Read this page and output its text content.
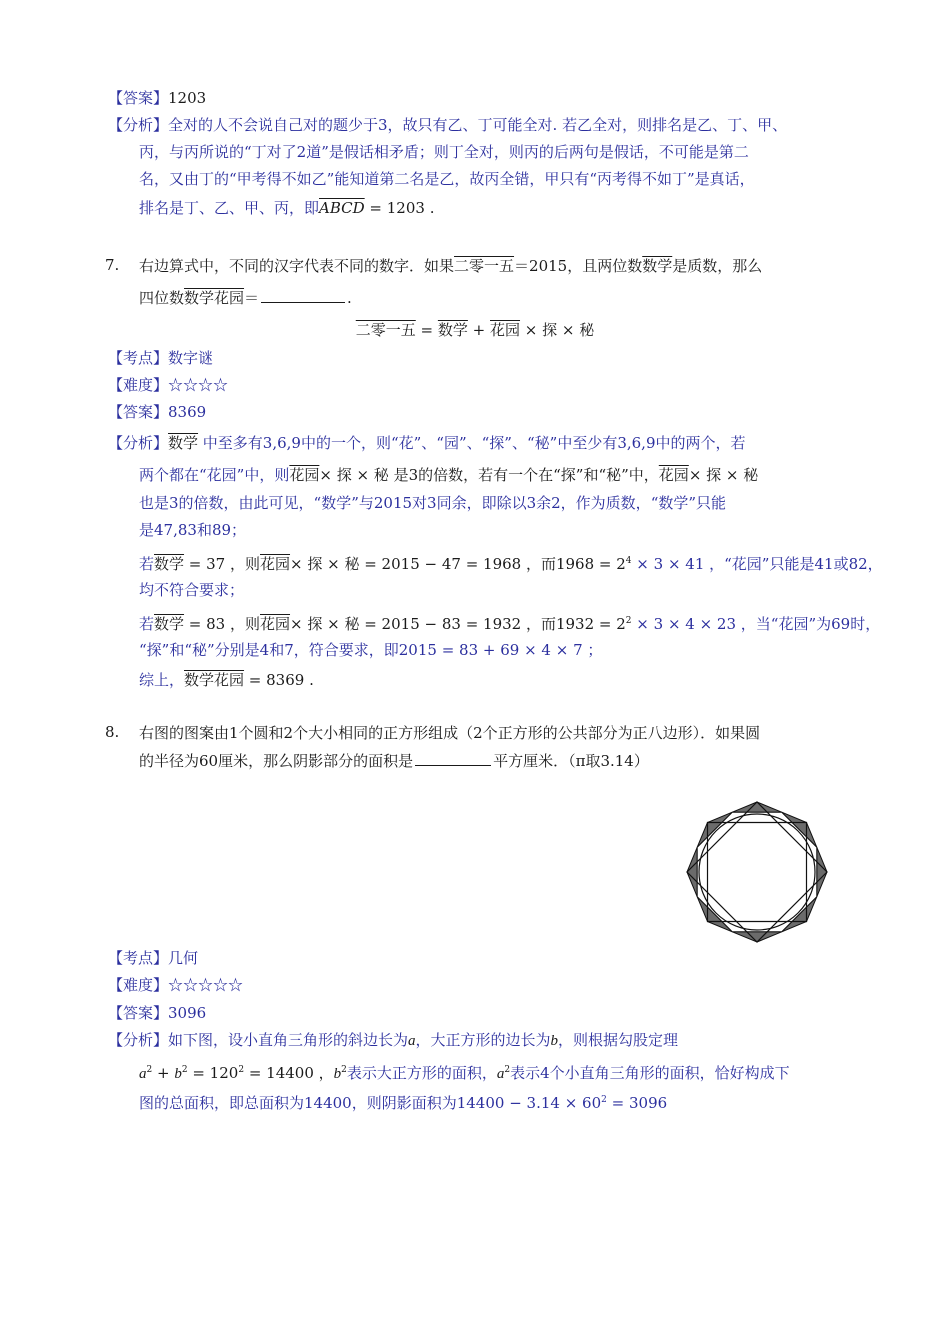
【答案】1203
【分析】全对的人不会说自己对的题少于3，故只有乙、丁可能全对. 若乙全对，则排名是乙、丁、甲、
丙，与丙所说的“丁对了2道”是假话相矛盾；则丁全对，则丙的后两句是假话，不可能是第二
名，又由丁的“甲考得不如乙”能知道第二名是乙，故丙全错，甲只有“丙考得不如丁”是真话，
排名是丁、乙、甲、丙，即ABCD = 1203 .
7. 右边算式中，不同的汉字代表不同的数字．如果二零一五＝2015，且两位数数学是质数，那么
四位数数学花园＝	.
二零一五 = 数学 + 花园 × 探 × 秘
【考点】数字谜
【难度】☆☆☆☆
【答案】8369
【分析】数学 中至多有3,6,9中的一个，则“花”、“园”、“探”、“秘”中至少有3,6,9中的两个，若
两个都在“花园”中，则花园× 探 × 秘 是3的倍数，若有一个在“探”和“秘”中，花园× 探 × 秘
也是3的倍数，由此可见，“数学”与2015对3同余，即除以3余2，作为质数，“数学”只能
是47,83和89；
若数学 = 37 ，则花园× 探 × 秘 = 2015 − 47 = 1968 ，而$1968 = 2^4 \times 3 \times 41$ ，“花园”只能是41或82，
均不符合要求；
若数学 = 83 ，则花园× 探 × 秘 = 2015 − 83 = 1932 ，而$1932 = 2^2 \times 3 \times 4 \times 23$ ，当“花园”为69时，
“探”和“秘”分别是4和7，符合要求，即2015 = 83 + 69 × 4 × 7 ；
综上，数学花园 = 8369 .
8. 右图的图案由1个圆和2个大小相同的正方形组成（2个正方形的公共部分为正八边形）．如果圆
的半径为60厘米，那么阴影部分的面积是	平方厘米．（π取3.14）
【考点】几何
【难度】☆☆☆☆☆
【答案】3096
【分析】如下图，设小直角三角形的斜边长为a，大正方形的边长为b，则根据勾股定理
$a^2 + b^2 = 120^2 = 14400$ ，$b^2$表示大正方形的面积，$a^2$表示4个小直角三角形的面积，恰好构成下
图的总面积，即总面积为14400，则阴影面积为$14400 - 3.14 \times 60^2 = 3096$
